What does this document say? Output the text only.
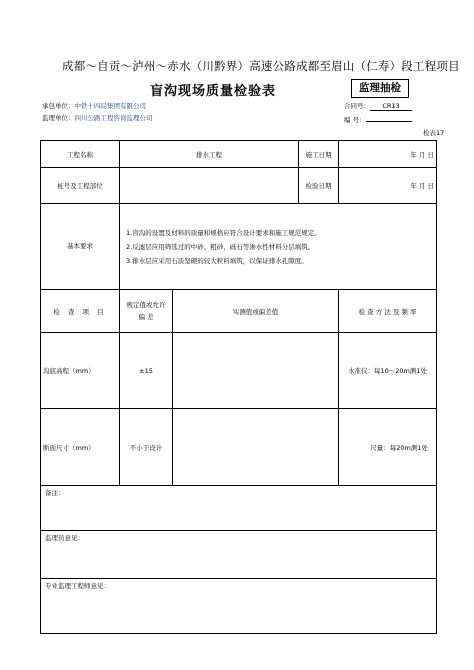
成都～自贡～泸州～赤水（川黔界）高速公路成都至眉山（仁寿）段工程项目
盲沟现场质量检验表	监理抽检
承包单位：中铁十四局集团有限公司
监理单位：四川公路工程咨询监理公司
合同号： CR13
编 号：
检表17
工程名称	排水工程		施工日期	年 月 日
桩号及工程部位			检验日期	年 月 日
基本要求	1.盲沟的设置及材料的质量和规格应符合设计要求和施工规范规定。
2.反滤层应用筛选过的中砂、粗砂、砾石等渗水性材料分层填筑。
3.排水层应采用石质坚硬的较大粒料填筑，以保证排水孔隙度。			

检 查 项 目	规定值或允许偏 差	实测值或偏差值		检 查 方 法 及 频 率
沟底高程（mm）	±15			水准仪：每10～20m测1处
断面尺寸（mm）	不小于设计			尺量：每20m测1处
备注：				
监理员意见：				
专业监理工程师意见：				
